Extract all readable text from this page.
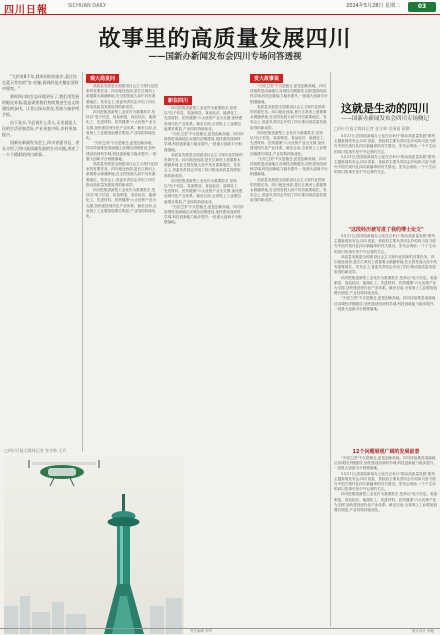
四川日報	SICHUAN DAILY	2024年5月28日 星期二	03
故事里的高质量发展四川
——国新办新闻发布会四川专场问答透视

"大约有8千年,我来到你的家乡,看过你在蓝天旁站的"农·农稼,看到的是庄稼在田野中摇曳。"

那时四川的生态环境更好了,我们用发展的眼光来看,就是需要我们持续推进生态文明建设的步伐。让青山绿水常在,发展与保护两手抓。

由于是水,不必说什么美人,无非就是人民的生活更加美好,产业更加兴旺,乡村更加振兴。

国新办新闻发布会上,四川省委书记、省长介绍了四川高质量发展的生动实践,讲述了一个个精彩的四川故事。

□四川日报全媒体记者 张守帅 王代
观大局发问

高质量发展是全面建设社会主义现代化国家的首要任务。四川地处西部,是长江黄河上游重要水源涵养地,在全国发展大局中具有重要地位。发布会上,省委负责同志介绍了四川推动高质量发展取得的新成效。

四川把推进新型工业化作为重要抓手,坚持以"电子信息、装备制造、食品轻纺、能源化工、先进材料、医药健康"六大优势产业为支撑,加快建设现代化产业体系。截至目前,全省规上工业增加值增长明显,产业结构持续优化。

"天府之国"不仅是粮仓,更是创新高地。四川持续推进成渝地区双城经济圈建设,加快建设西部科学城,科技创新能力稳步提升,一批重大创新平台相继落地。

高质量发展是全面建设社会主义现代化国家的首要任务。四川地处西部,是长江黄河上游重要水源涵养地,在全国发展大局中具有重要地位。发布会上,省委负责同志介绍了四川推动高质量发展取得的新成效。

四川把推进新型工业化作为重要抓手,坚持以"电子信息、装备制造、食品轻纺、能源化工、先进材料、医药健康"六大优势产业为支撑,加快建设现代化产业体系。截至目前,全省规上工业增加值增长明显,产业结构持续优化。

新在四川

四川把推进新型工业化作为重要抓手,坚持以"电子信息、装备制造、食品轻纺、能源化工、先进材料、医药健康"六大优势产业为支撑,加快建设现代化产业体系。截至目前,全省规上工业增加值增长明显,产业结构持续优化。

"天府之国"不仅是粮仓,更是创新高地。四川持续推进成渝地区双城经济圈建设,加快建设西部科学城,科技创新能力稳步提升,一批重大创新平台相继落地。

高质量发展是全面建设社会主义现代化国家的首要任务。四川地处西部,是长江黄河上游重要水源涵养地,在全国发展大局中具有重要地位。发布会上,省委负责同志介绍了四川推动高质量发展取得的新成效。

四川把推进新型工业化作为重要抓手,坚持以"电子信息、装备制造、食品轻纺、能源化工、先进材料、医药健康"六大优势产业为支撑,加快建设现代化产业体系。截至目前,全省规上工业增加值增长明显,产业结构持续优化。

"天府之国"不仅是粮仓,更是创新高地。四川持续推进成渝地区双城经济圈建设,加快建设西部科学城,科技创新能力稳步提升,一批重大创新平台相继落地。

发大故事说

"天府之国"不仅是粮仓,更是创新高地。四川持续推进成渝地区双城经济圈建设,加快建设西部科学城,科技创新能力稳步提升,一批重大创新平台相继落地。

高质量发展是全面建设社会主义现代化国家的首要任务。四川地处西部,是长江黄河上游重要水源涵养地,在全国发展大局中具有重要地位。发布会上,省委负责同志介绍了四川推动高质量发展取得的新成效。

四川把推进新型工业化作为重要抓手,坚持以"电子信息、装备制造、食品轻纺、能源化工、先进材料、医药健康"六大优势产业为支撑,加快建设现代化产业体系。截至目前,全省规上工业增加值增长明显,产业结构持续优化。

"天府之国"不仅是粮仓,更是创新高地。四川持续推进成渝地区双城经济圈建设,加快建设西部科学城,科技创新能力稳步提升,一批重大创新平台相继落地。

高质量发展是全面建设社会主义现代化国家的首要任务。四川地处西部,是长江黄河上游重要水源涵养地,在全国发展大局中具有重要地位。发布会上,省委负责同志介绍了四川推动高质量发展取得的新成效。

这就是生动的四川
——国新办新闻发布会四川专场侧记
□四川日报全媒体记者 张守帅 吴薄霜 蒋聊

5月27日,国务院新闻办公室在京举行"推动高质量发展"系列主题新闻发布会,四川省委、省政府主要负责同志介绍四川奋力谱写中国式现代化四川新篇章的有关情况。发布会现场,一个个生动的四川故事引发中外记者的关注。

5月27日,国务院新闻办公室在京举行"推动高质量发展"系列主题新闻发布会,四川省委、省政府主要负责同志介绍四川奋力谱写中国式现代化四川新篇章的有关情况。发布会现场,一个个生动的四川故事引发中外记者的关注。

"这段经历被写进了我的博士论文"

5月27日,国务院新闻办公室在京举行"推动高质量发展"系列主题新闻发布会,四川省委、省政府主要负责同志介绍四川奋力谱写中国式现代化四川新篇章的有关情况。发布会现场,一个个生动的四川故事引发中外记者的关注。

高质量发展是全面建设社会主义现代化国家的首要任务。四川地处西部,是长江黄河上游重要水源涵养地,在全国发展大局中具有重要地位。发布会上,省委负责同志介绍了四川推动高质量发展取得的新成效。

四川把推进新型工业化作为重要抓手,坚持以"电子信息、装备制造、食品轻纺、能源化工、先进材料、医药健康"六大优势产业为支撑,加快建设现代化产业体系。截至目前,全省规上工业增加值增长明显,产业结构持续优化。

"天府之国"不仅是粮仓,更是创新高地。四川持续推进成渝地区双城经济圈建设,加快建设西部科学城,科技创新能力稳步提升,一批重大创新平台相继落地。

12个问题展现广阔的发展前景

"天府之国"不仅是粮仓,更是创新高地。四川持续推进成渝地区双城经济圈建设,加快建设西部科学城,科技创新能力稳步提升,一批重大创新平台相继落地。

5月27日,国务院新闻办公室在京举行"推动高质量发展"系列主题新闻发布会,四川省委、省政府主要负责同志介绍四川奋力谱写中国式现代化四川新篇章的有关情况。发布会现场,一个个生动的四川故事引发中外记者的关注。

四川把推进新型工业化作为重要抓手,坚持以"电子信息、装备制造、食品轻纺、能源化工、先进材料、医药健康"六大优势产业为支撑,加快建设现代化产业体系。截至目前,全省规上工业增加值增长明显,产业结构持续优化。

责任编辑 李华	版式设计 杨健
